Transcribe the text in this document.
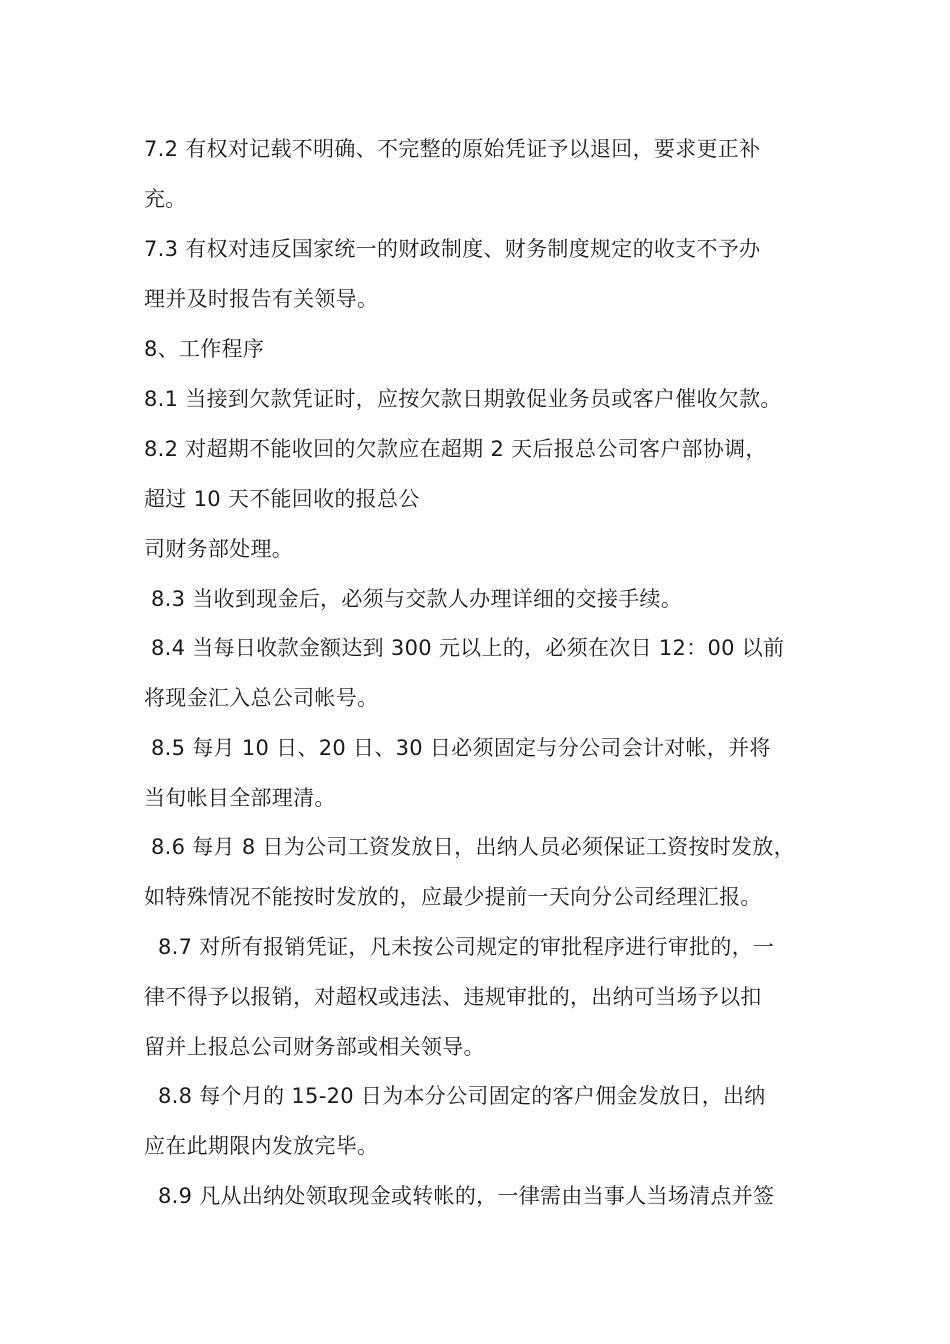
7.2 有权对记载不明确、不完整的原始凭证予以退回，要求更正补
充。
7.3 有权对违反国家统一的财政制度、财务制度规定的收支不予办
理并及时报告有关领导。
8、工作程序
8.1 当接到欠款凭证时，应按欠款日期敦促业务员或客户催收欠款。
8.2 对超期不能收回的欠款应在超期 2 天后报总公司客户部协调，
超过 10 天不能回收的报总公
司财务部处理。
8.3 当收到现金后，必须与交款人办理详细的交接手续。
8.4 当每日收款金额达到 300 元以上的，必须在次日 12：00 以前
将现金汇入总公司帐号。
8.5 每月 10 日、20 日、30 日必须固定与分公司会计对帐，并将
当旬帐目全部理清。
8.6 每月 8 日为公司工资发放日，出纳人员必须保证工资按时发放，
如特殊情况不能按时发放的，应最少提前一天向分公司经理汇报。
8.7 对所有报销凭证，凡未按公司规定的审批程序进行审批的，一
律不得予以报销，对超权或违法、违规审批的，出纳可当场予以扣
留并上报总公司财务部或相关领导。
8.8 每个月的 15-20 日为本分公司固定的客户佣金发放日，出纳
应在此期限内发放完毕。
8.9 凡从出纳处领取现金或转帐的，一律需由当事人当场清点并签
